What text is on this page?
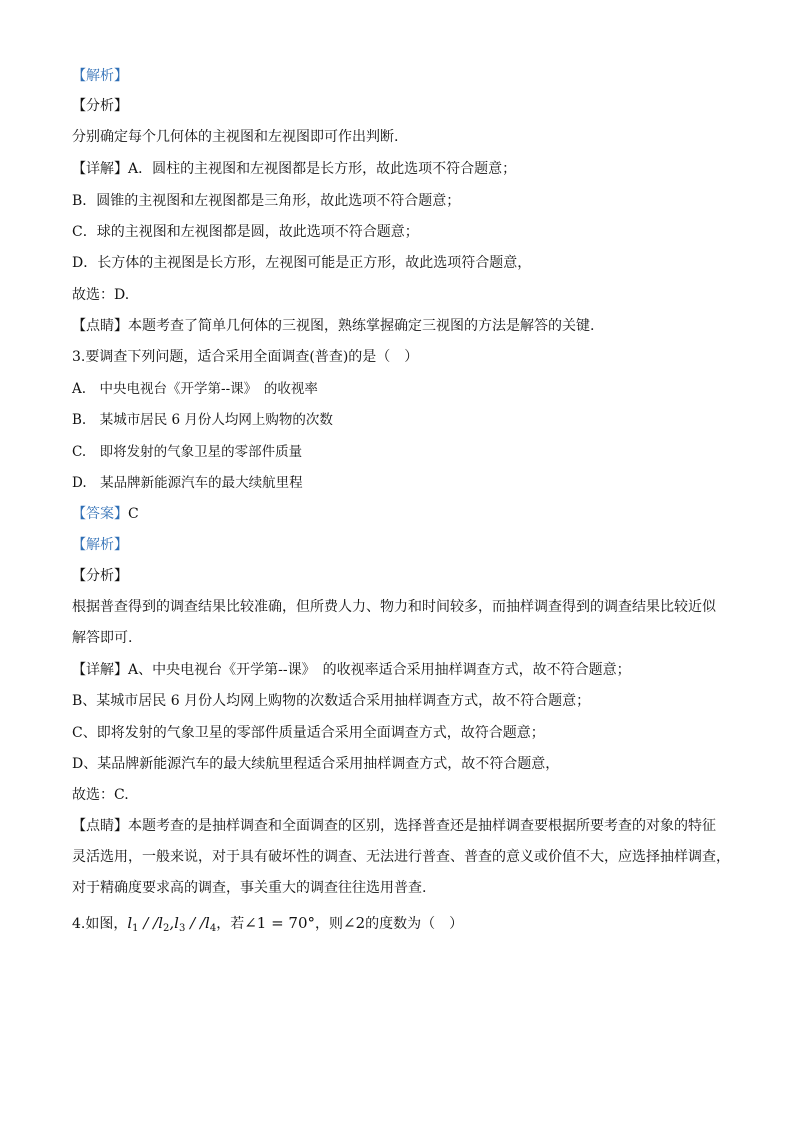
【解析】
【分析】
分别确定每个几何体的主视图和左视图即可作出判断.
【详解】A．圆柱的主视图和左视图都是长方形，故此选项不符合题意；
B．圆锥的主视图和左视图都是三角形，故此选项不符合题意；
C．球的主视图和左视图都是圆，故此选项不符合题意；
D．长方体的主视图是长方形，左视图可能是正方形，故此选项符合题意，
故选：D.
【点睛】本题考查了简单几何体的三视图，熟练掌握确定三视图的方法是解答的关键.
3.要调查下列问题，适合采用全面调查(普查)的是（　）
A.　中央电视台《开学第--课》　的收视率
B.　某城市居民 6 月份人均网上购物的次数
C.　即将发射的气象卫星的零部件质量
D.　某品牌新能源汽车的最大续航里程
【答案】C
【解析】
【分析】
根据普查得到的调查结果比较准确，但所费人力、物力和时间较多，而抽样调查得到的调查结果比较近似
解答即可.
【详解】A、中央电视台《开学第--课》　的收视率适合采用抽样调查方式，故不符合题意；
B、某城市居民 6 月份人均网上购物的次数适合采用抽样调查方式，故不符合题意；
C、即将发射的气象卫星的零部件质量适合采用全面调查方式，故符合题意；
D、某品牌新能源汽车的最大续航里程适合采用抽样调查方式，故不符合题意，
故选：C.
【点睛】本题考查的是抽样调查和全面调查的区别，选择普查还是抽样调查要根据所要考查的对象的特征
灵活选用，一般来说，对于具有破坏性的调查、无法进行普查、普查的意义或价值不大，应选择抽样调查，
对于精确度要求高的调查，事关重大的调查往往选用普查.
4.如图，$l_1 / /l_2,l_3 / /l_4$，若∠1 = 70°，则∠2的度数为（　）
